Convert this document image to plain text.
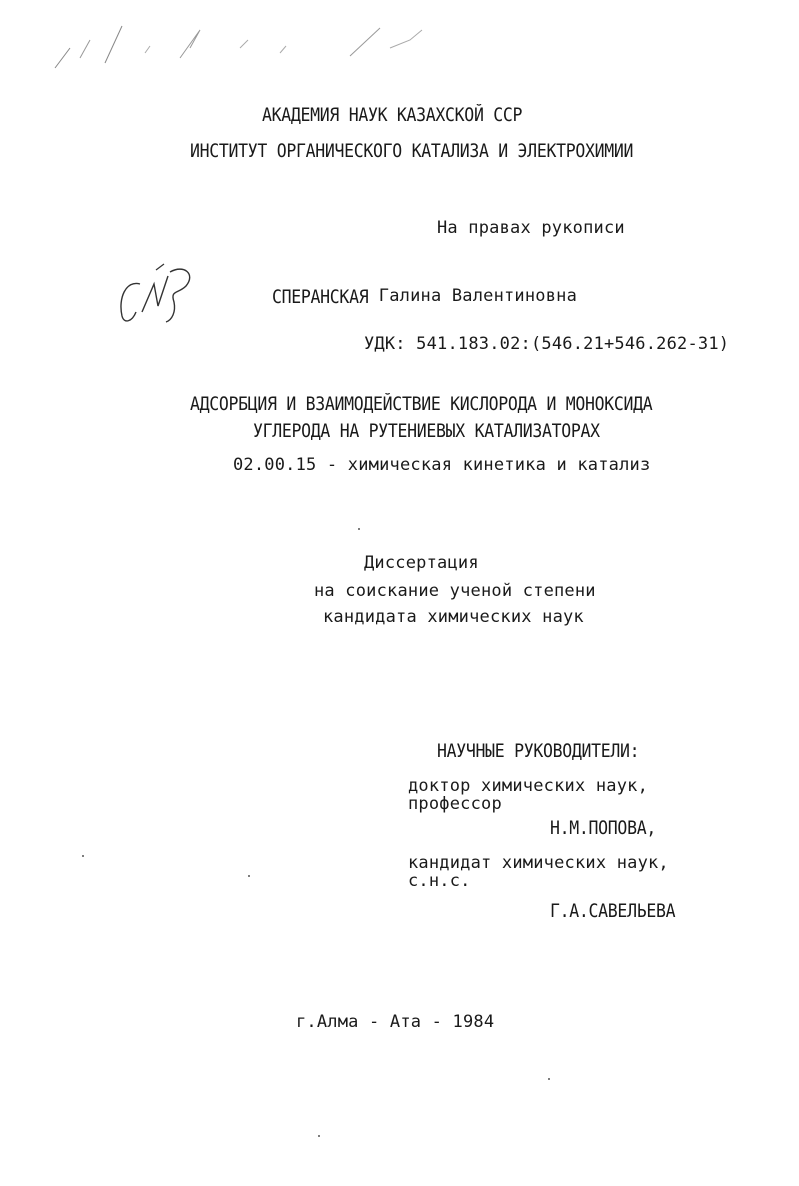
АКАДЕМИЯ НАУК КАЗАХСКОЙ ССР
ИНСТИТУТ ОРГАНИЧЕСКОГО КАТАЛИЗА И ЭЛЕКТРОХИМИИ
На правах рукописи
СПЕРАНСКАЯ Галина Валентиновна
УДК: 541.183.02:(546.21+546.262-31)
АДСОРБЦИЯ И ВЗАИМОДЕЙСТВИЕ КИСЛОРОДА И МОНОКСИДА
УГЛЕРОДА НА РУТЕНИЕВЫХ КАТАЛИЗАТОРАХ
02.00.15 - химическая кинетика и катализ
Диссертация
на соискание ученой степени
кандидата химических наук
НАУЧНЫЕ РУКОВОДИТЕЛИ:
доктор химических наук,
профессор
Н.М.ПОПОВА,
кандидат химических наук,
с.н.с.
Г.А.САВЕЛЬЕВА
г.Алма - Ата - 1984
